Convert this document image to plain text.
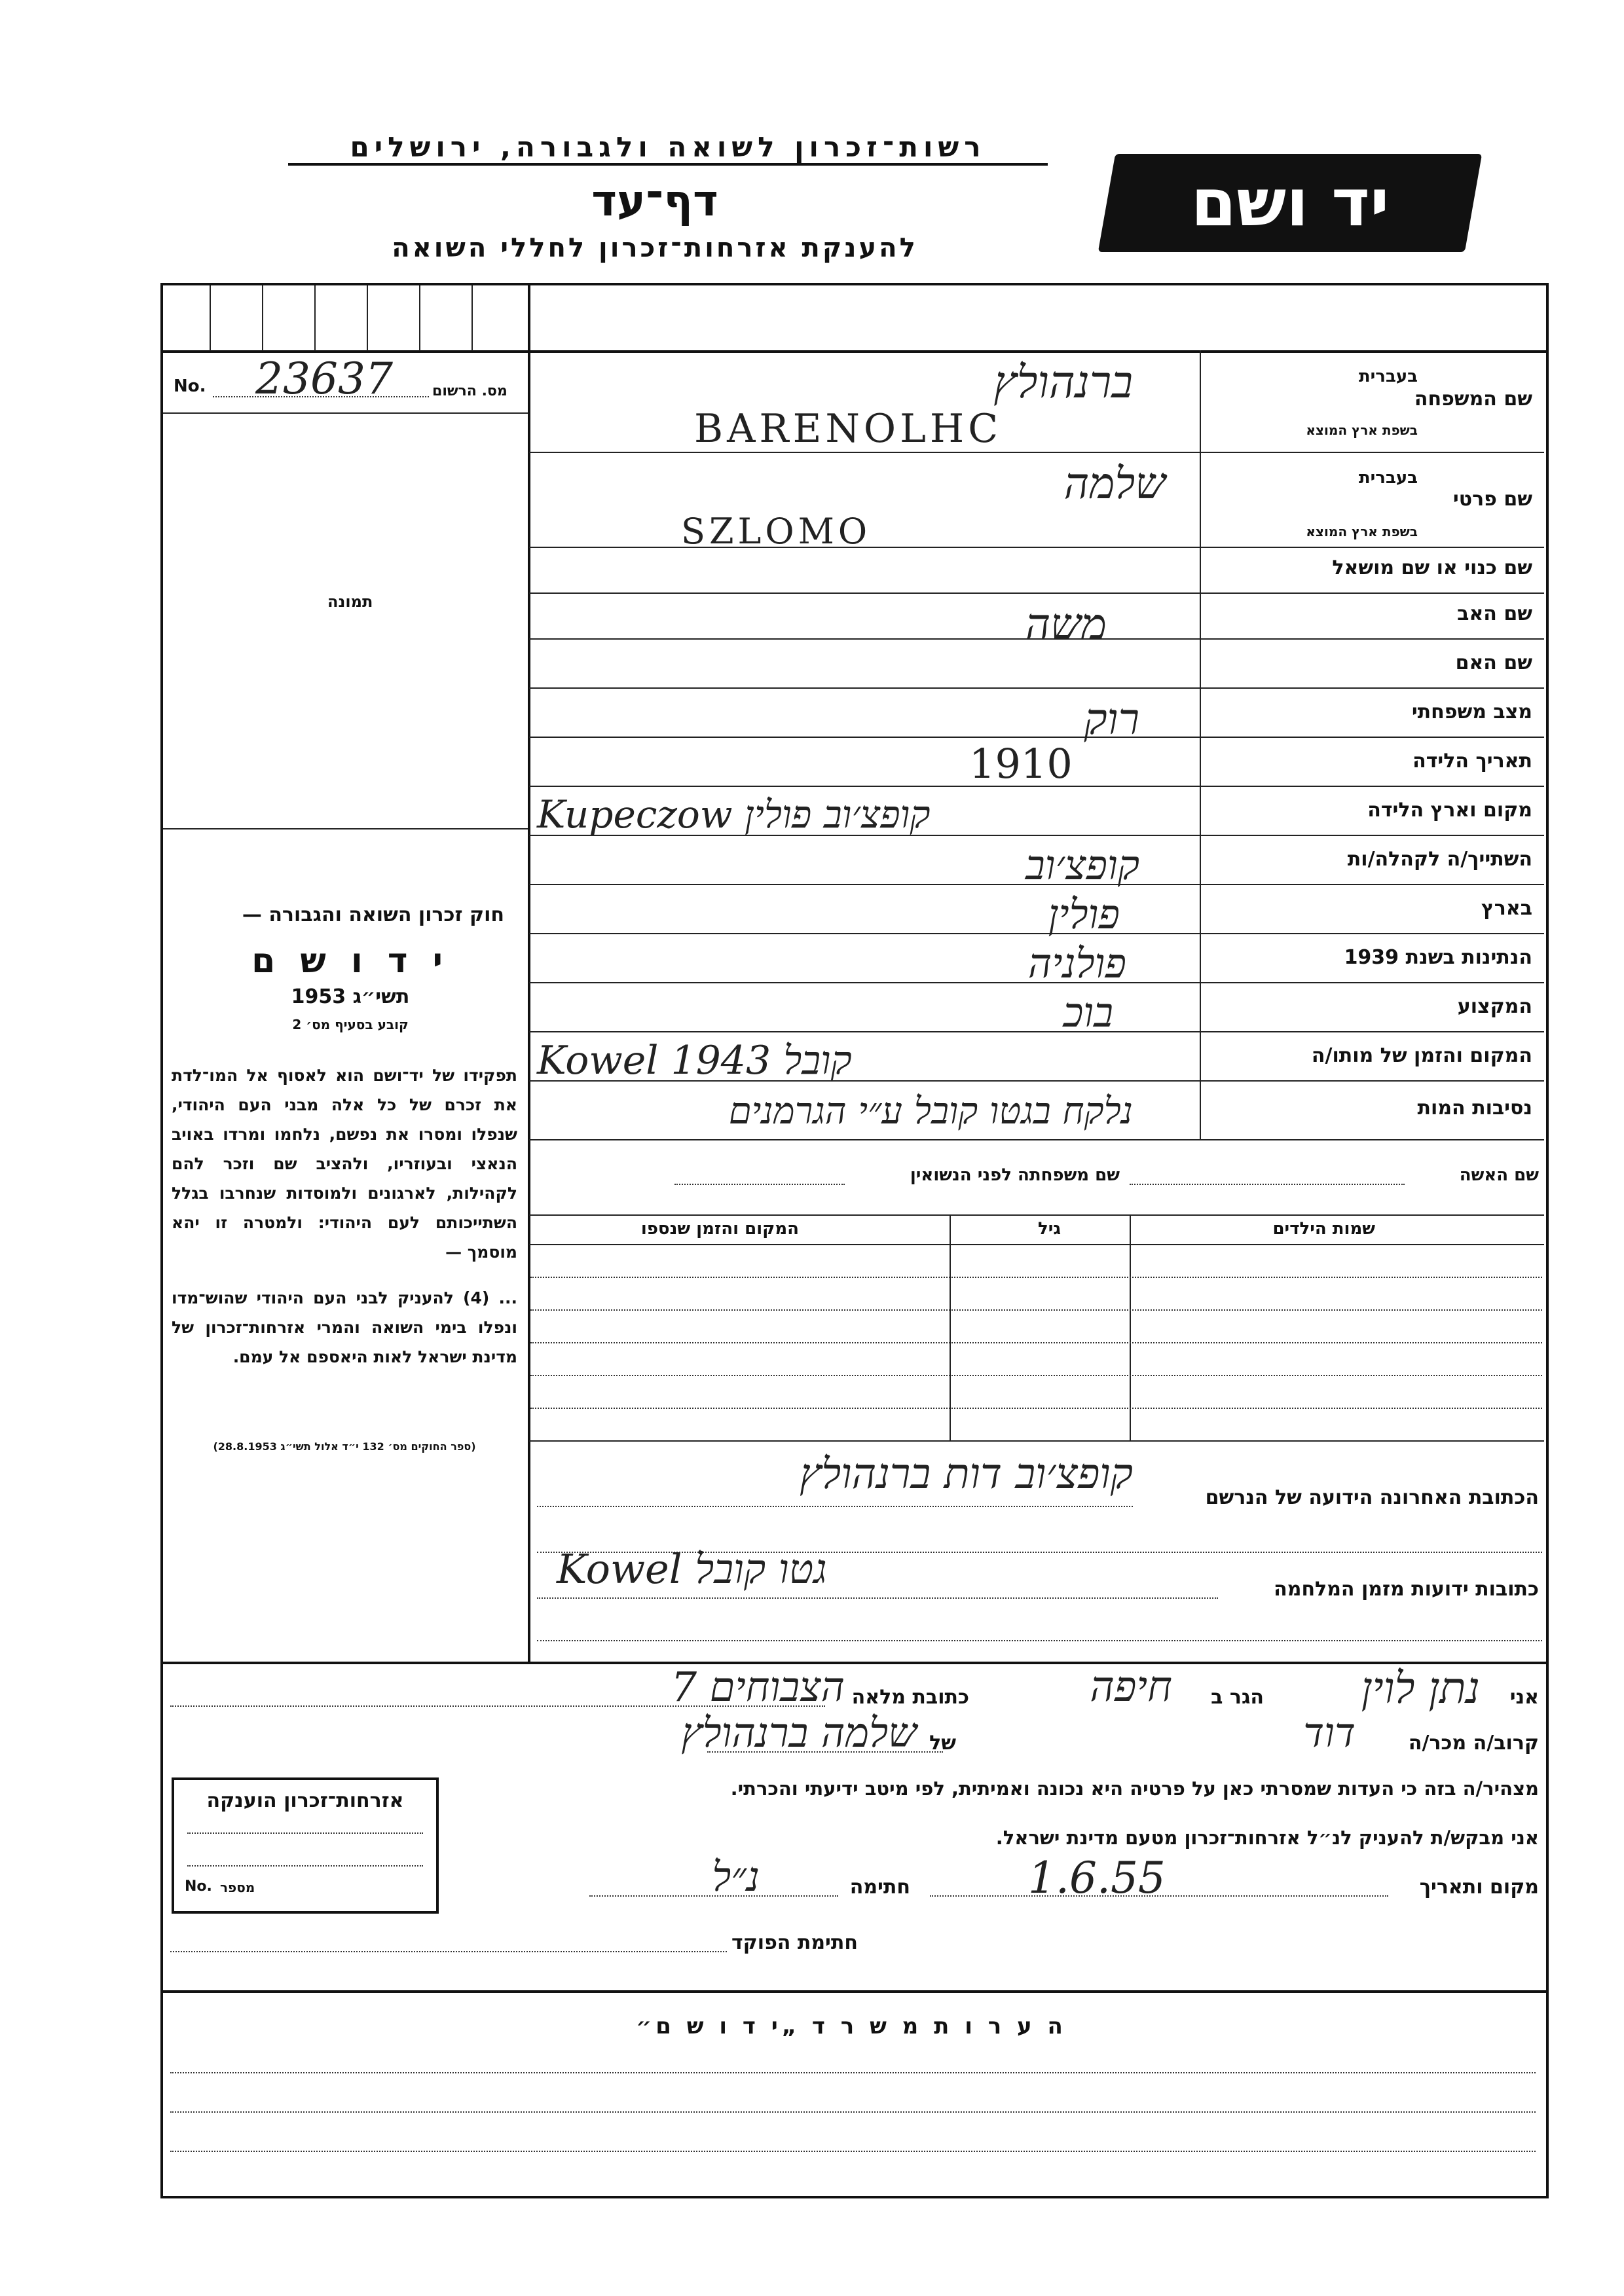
רשות־זכרון לשואה ולגבורה, ירושלים
דף־עד
להענקת אזרחות־זכרון לחללי השואה
יד ושם
No. 23637	מס. הרשום
תמונה
חוק זכרון השואה והגבורה —
י ד ו ש ם
תשי״ג 1953
קובע בסעיף מס׳ 2
תפקידו של יד־ושם הוא לאסוף אל המו־לדת את זכרם של כל אלה מבני העם היהודי, שנפלו ומסרו את נפשם, נלחמו ומרדו באויב הנאצי ובעוזריו, ולהציב שם וזכר להם לקהילות, לארגונים ולמוסדות שנחרבו בגלל השתייכותם לעם היהודי: ולמטרה זו יהא מוסמך —
... (4) להעניק לבני העם היהודי שהוש־מדו ונפלו בימי השואה והמרי אזרחות־זכרון של מדינת ישראל לאות היאספם אל עמם.
(ספר החוקים מס׳ 132 י״ד אלול תשי״ג 28.8.1953)
בעברית
שם המשפחה
בשפת ארץ המוצא
בעברית
שם פרטי
בשפת ארץ המוצא
שם כנוי או שם מושאל
שם האב
שם האם
מצב משפחתי
תאריך הלידה
מקום וארץ הלידה
השתייך/ה לקהלה/ות
בארץ
הנתינות בשנת 1939
המקצוע
המקום והזמן של מותו/ה
נסיבות המות
ברנהולץ
BARENOLHC
שלמה
SZLOMO
משה
רוק
1910
Kupeczow קופצ׳וב פולין
קופצ׳וב
פולין
פולניה
בוכ
Kowel 1943 קובל
נלקח בגטו קובל ע״י הגרמנים
שם האשה
שם משפחתה לפני הנשואין
שמות הילדים
גיל
המקום והזמן שנספו
הכתובת האחרונה הידועה של הנרשם
קופצ׳וב דות ברנהולץ
כתובות ידועות מזמן המלחמה
Kowel גטו קובל
אני
נתן לוין
הגר ב
חיפה
כתובת מלאה
הצבוחים 7
קרוב/ה מכר/ה
דוד
של
שלמה ברנהולץ
מצהיר/ה בזה כי העדות שמסרתי כאן על פרטיה היא נכונה ואמיתית, לפי מיטב ידיעתי והכרתי.
אני מבקש/ת להעניק לנ״ל אזרחות־זכרון מטעם מדינת ישראל.
מקום ותאריך
1.6.55
חתימה
נ״ל
חתימת הפוקד
אזרחות־זכרון הוענקה
No. מספר
ה ע ר ו ת מ ש ר ד „י ד ו ש ם״
